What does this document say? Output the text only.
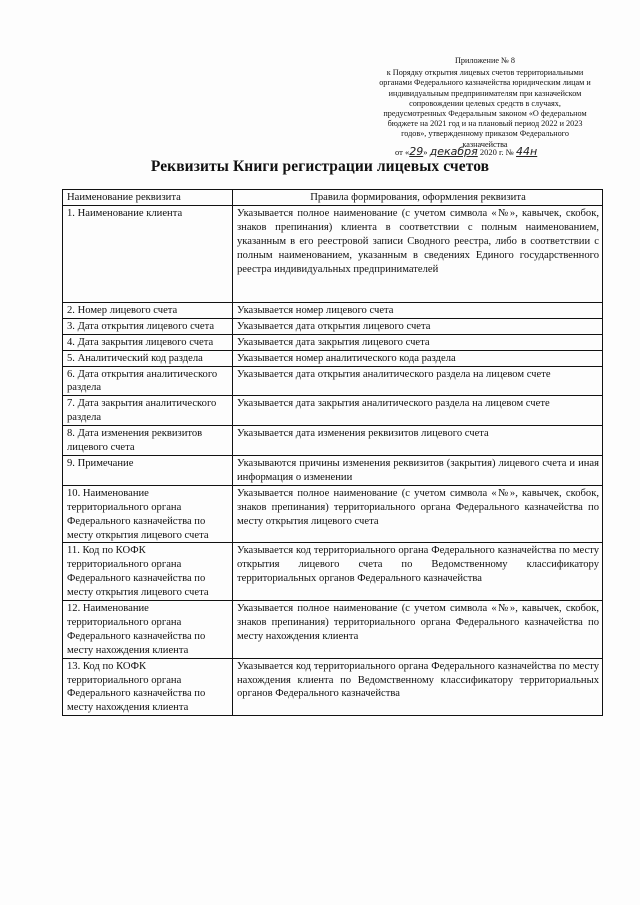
Приложение № 8
к Порядку открытия лицевых счетов территориальными
органами Федерального казначейства юридическим лицам и
индивидуальным предпринимателям при казначейском
сопровождении целевых средств в случаях,
предусмотренных Федеральным законом «О федеральном
бюджете на 2021 год и на плановый период 2022 и 2023
годов», утвержденному приказом Федерального
казначейства
от «29» декабря 2020 г. № 44н
Реквизиты Книги регистрации лицевых счетов
Наименование реквизита	Правила формирования, оформления реквизита
1. Наименование клиента	Указывается полное наименование (с учетом символа «№», кавычек, скобок, знаков препинания) клиента в соответствии с полным наименованием, указанным в его реестровой записи Сводного реестра, либо в соответствии с полным наименованием, указанным в сведениях Единого государственного реестра индивидуальных предпринимателей
2. Номер лицевого счета	Указывается номер лицевого счета
3. Дата открытия лицевого счета	Указывается дата открытия лицевого счета
4. Дата закрытия лицевого счета	Указывается дата закрытия лицевого счета
5. Аналитический код раздела	Указывается номер аналитического кода раздела
6. Дата открытия аналитического раздела	Указывается дата открытия аналитического раздела на лицевом счете
7. Дата закрытия аналитического раздела	Указывается дата закрытия аналитического раздела на лицевом счете
8. Дата изменения реквизитов лицевого счета	Указывается дата изменения реквизитов лицевого счета
9. Примечание	Указываются причины изменения реквизитов (закрытия) лицевого счета и иная информация о изменении
10. Наименование территориального органа Федерального казначейства по месту открытия лицевого счета	Указывается полное наименование (с учетом символа «№», кавычек, скобок, знаков препинания) территориального органа Федерального казначейства по месту открытия лицевого счета
11. Код по КОФК территориального органа Федерального казначейства по месту открытия лицевого счета	Указывается код территориального органа Федерального казначейства по месту открытия лицевого счета по Ведомственному классификатору территориальных органов Федерального казначейства
12. Наименование территориального органа Федерального казначейства по месту нахождения клиента	Указывается полное наименование (с учетом символа «№», кавычек, скобок, знаков препинания) территориального органа Федерального казначейства по месту нахождения клиента
13. Код по КОФК территориального органа Федерального казначейства по месту нахождения клиента	Указывается код территориального органа Федерального казначейства по месту нахождения клиента по Ведомственному классификатору территориальных органов Федерального казначейства
